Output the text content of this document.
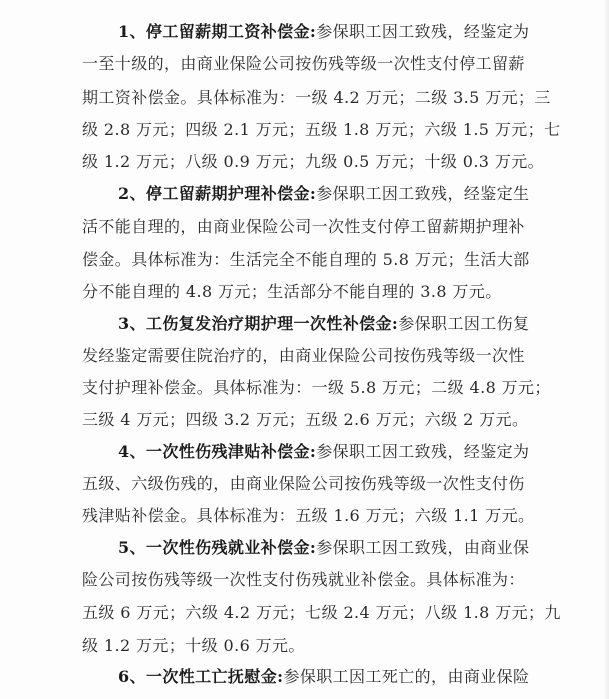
1、停工留薪期工资补偿金:参保职工因工致残，经鉴定为
一至十级的，由商业保险公司按伤残等级一次性支付停工留薪
期工资补偿金。具体标准为：一级 4.2 万元；二级 3.5 万元；三
级 2.8 万元；四级 2.1 万元；五级 1.8 万元；六级 1.5 万元；七
级 1.2 万元；八级 0.9 万元；九级 0.5 万元；十级 0.3 万元。
2、停工留薪期护理补偿金:参保职工因工致残，经鉴定生
活不能自理的，由商业保险公司一次性支付停工留薪期护理补
偿金。具体标准为：生活完全不能自理的 5.8 万元；生活大部
分不能自理的 4.8 万元；生活部分不能自理的 3.8 万元。
3、工伤复发治疗期护理一次性补偿金:参保职工因工伤复
发经鉴定需要住院治疗的，由商业保险公司按伤残等级一次性
支付护理补偿金。具体标准为：一级 5.8 万元；二级 4.8 万元；
三级 4 万元；四级 3.2 万元；五级 2.6 万元；六级 2 万元。
4、一次性伤残津贴补偿金:参保职工因工致残，经鉴定为
五级、六级伤残的，由商业保险公司按伤残等级一次性支付伤
残津贴补偿金。具体标准为：五级 1.6 万元；六级 1.1 万元。
5、一次性伤残就业补偿金:参保职工因工致残，由商业保
险公司按伤残等级一次性支付伤残就业补偿金。具体标准为：
五级 6 万元；六级 4.2 万元；七级 2.4 万元；八级 1.8 万元；九
级 1.2 万元；十级 0.6 万元。
6、一次性工亡抚慰金:参保职工因工死亡的，由商业保险
